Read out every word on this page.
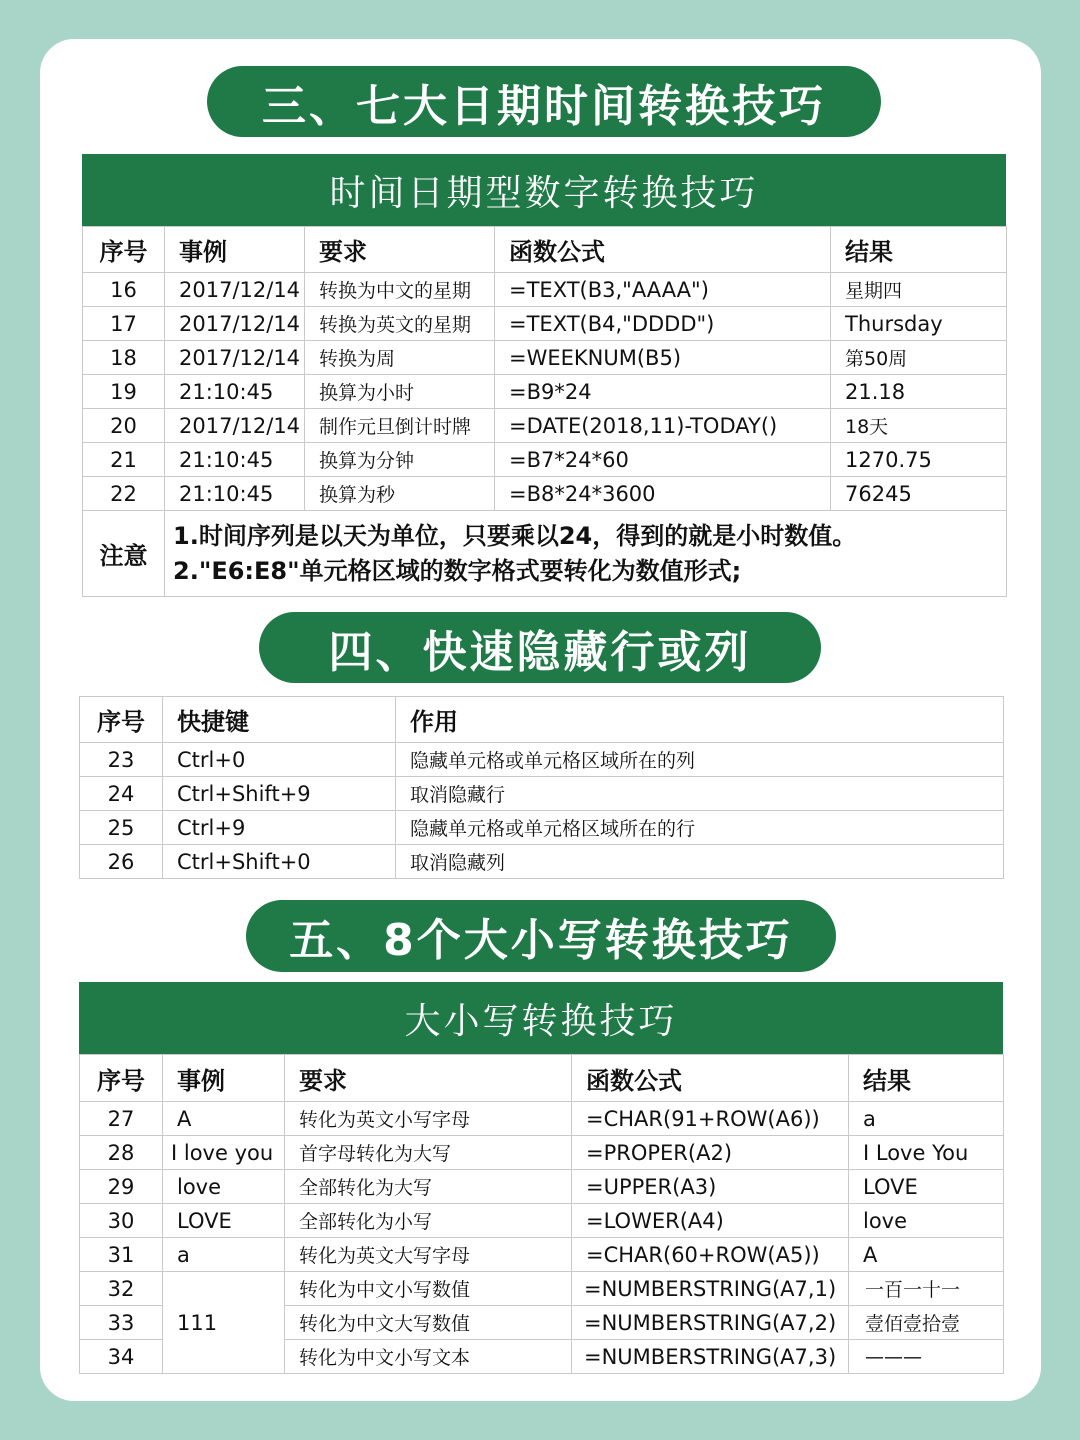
三、七大日期时间转换技巧
时间日期型数字转换技巧
序号	事例	要求	函数公式	结果
16	2017/12/14	转换为中文的星期	=TEXT(B3,"AAAA")	星期四
17	2017/12/14	转换为英文的星期	=TEXT(B4,"DDDD")	Thursday
18	2017/12/14	转换为周	=WEEKNUM(B5)	第50周
19	21:10:45	换算为小时	=B9*24	21.18
20	2017/12/14	制作元旦倒计时牌	=DATE(2018,11)-TODAY()	18天
21	21:10:45	换算为分钟	=B7*24*60	1270.75
22	21:10:45	换算为秒	=B8*24*3600	76245
注意	1.时间序列是以天为单位，只要乘以24，得到的就是小时数值。
2."E6:E8"单元格区域的数字格式要转化为数值形式;			
四、快速隐藏行或列
序号	快捷键	作用
23	Ctrl+0	隐藏单元格或单元格区域所在的列
24	Ctrl+Shift+9	取消隐藏行
25	Ctrl+9	隐藏单元格或单元格区域所在的行
26	Ctrl+Shift+0	取消隐藏列
五、8个大小写转换技巧
大小写转换技巧
序号	事例	要求	函数公式	结果
27	A	转化为英文小写字母	=CHAR(91+ROW(A6))	a
28	I love you	首字母转化为大写	=PROPER(A2)	I Love You
29	love	全部转化为大写	=UPPER(A3)	LOVE
30	LOVE	全部转化为小写	=LOWER(A4)	love
31	a	转化为英文大写字母	=CHAR(60+ROW(A5))	A
32	111	转化为中文小写数值	=NUMBERSTRING(A7,1)	一百一十一
33		转化为中文大写数值	=NUMBERSTRING(A7,2)	壹佰壹拾壹
34		转化为中文小写文本	=NUMBERSTRING(A7,3)	———
